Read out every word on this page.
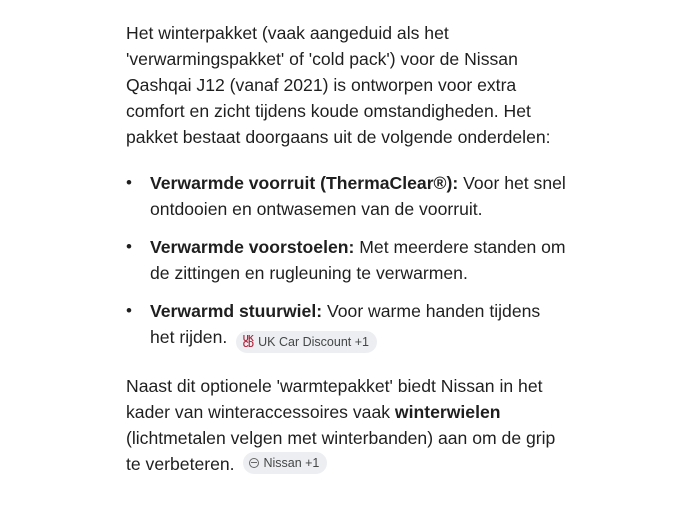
Het winterpakket (vaak aangeduid als het 'verwarmingspakket' of 'cold pack') voor de Nissan Qashqai J12 (vanaf 2021) is ontworpen voor extra comfort en zicht tijdens koude omstandigheden. Het pakket bestaat doorgaans uit de volgende onderdelen:

• Verwarmde voorruit (ThermaClear®): Voor het snel ontdooien en ontwasemen van de voorruit.
• Verwarmde voorstoelen: Met meerdere standen om de zittingen en rugleuning te verwarmen.
• Verwarmd stuurwiel: Voor warme handen tijdens het rijden. UK CD UK Car Discount +1

Naast dit optionele 'warmtepakket' biedt Nissan in het kader van winteraccessoires vaak winterwielen (lichtmetalen velgen met winterbanden) aan om de grip te verbeteren. Nissan +1
